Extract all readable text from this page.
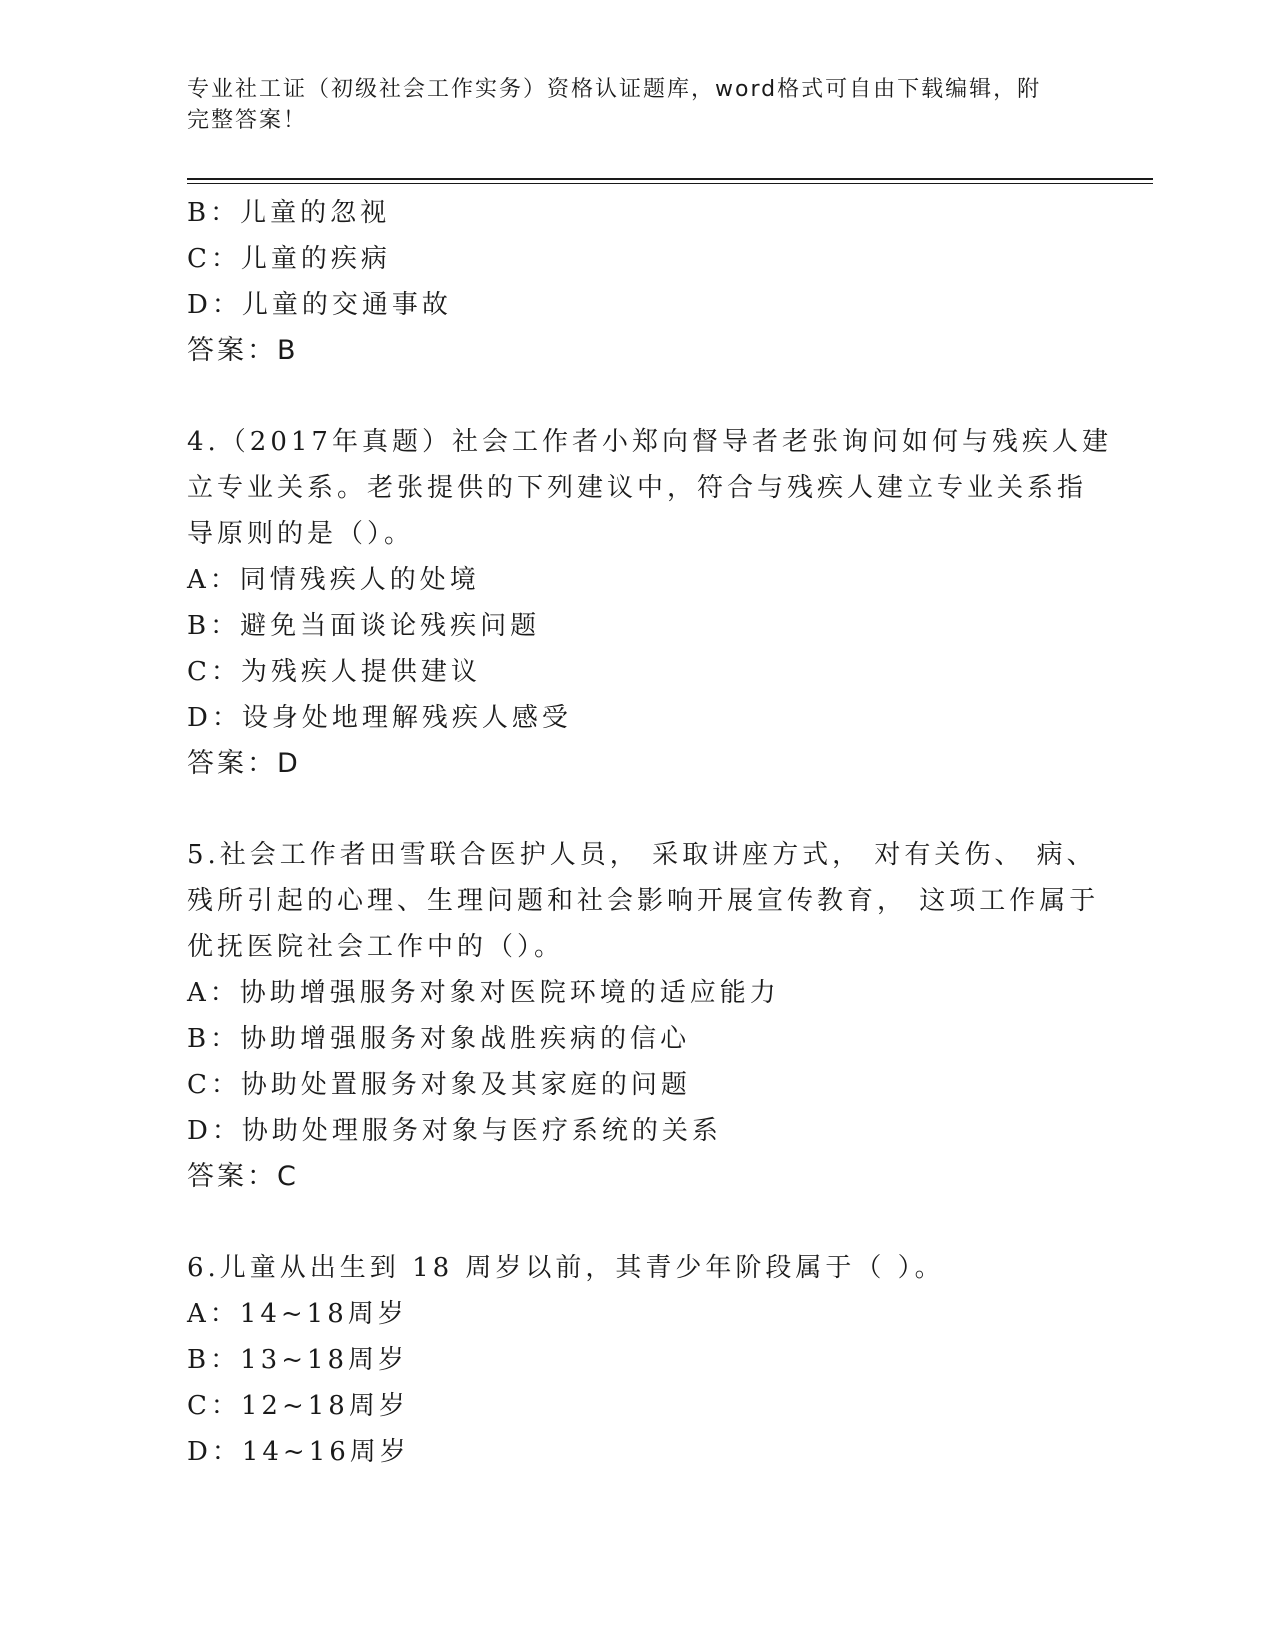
专业社工证（初级社会工作实务）资格认证题库，word格式可自由下载编辑，附
完整答案！
B：儿童的忽视
C：儿童的疾病
D：儿童的交通事故
答案：B
4.（2017年真题）社会工作者小郑向督导者老张询问如何与残疾人建
立专业关系。老张提供的下列建议中，符合与残疾人建立专业关系指
导原则的是（）。
A：同情残疾人的处境
B：避免当面谈论残疾问题
C：为残疾人提供建议
D：设身处地理解残疾人感受
答案：D
5.社会工作者田雪联合医护人员， 采取讲座方式， 对有关伤、 病、
残所引起的心理、生理问题和社会影响开展宣传教育， 这项工作属于
优抚医院社会工作中的（）。
A：协助增强服务对象对医院环境的适应能力
B：协助增强服务对象战胜疾病的信心
C：协助处置服务对象及其家庭的问题
D：协助处理服务对象与医疗系统的关系
答案：C
6.儿童从出生到 18 周岁以前，其青少年阶段属于（ ）。
A：14~18周岁
B：13~18周岁
C：12~18周岁
D：14~16周岁
